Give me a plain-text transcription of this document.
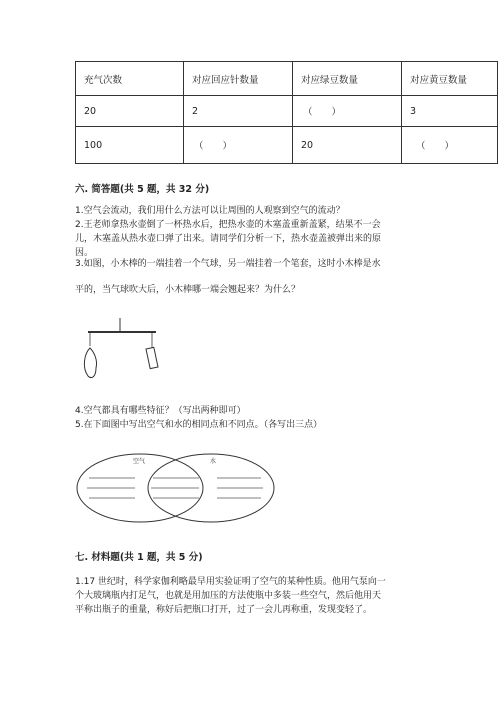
充气次数	对应回应针数量	对应绿豆数量	对应黄豆数量
20	2	（　　）	3
100	（　　）	20	（　　）
六. 简答题(共 5 题，共 32 分)
1.空气会流动，我们用什么方法可以让周围的人观察到空气的流动？
2.王老师拿热水壶倒了一杯热水后，把热水壶的木塞盖重新盖紧，结果不一会
儿，木塞盖从热水壶口弹了出来。请同学们分析一下，热水壶盖被弹出来的原
因。
3.如图，小木棒的一端挂着一个气球，另一端挂着一个笔套，这时小木棒是水
平的，当气球吹大后，小木棒哪一端会翘起来？为什么？
4.空气都具有哪些特征？（写出两种即可）
5.在下面图中写出空气和水的相同点和不同点。（各写出三点）
空气	水
七. 材料题(共 1 题，共 5 分)
1.17 世纪时，科学家伽利略最早用实验证明了空气的某种性质。他用气泵向一
个大玻璃瓶内打足气，也就是用加压的方法使瓶中多装一些空气，然后他用天
平称出瓶子的重量，称好后把瓶口打开，过了一会儿再称重，发现变轻了。
